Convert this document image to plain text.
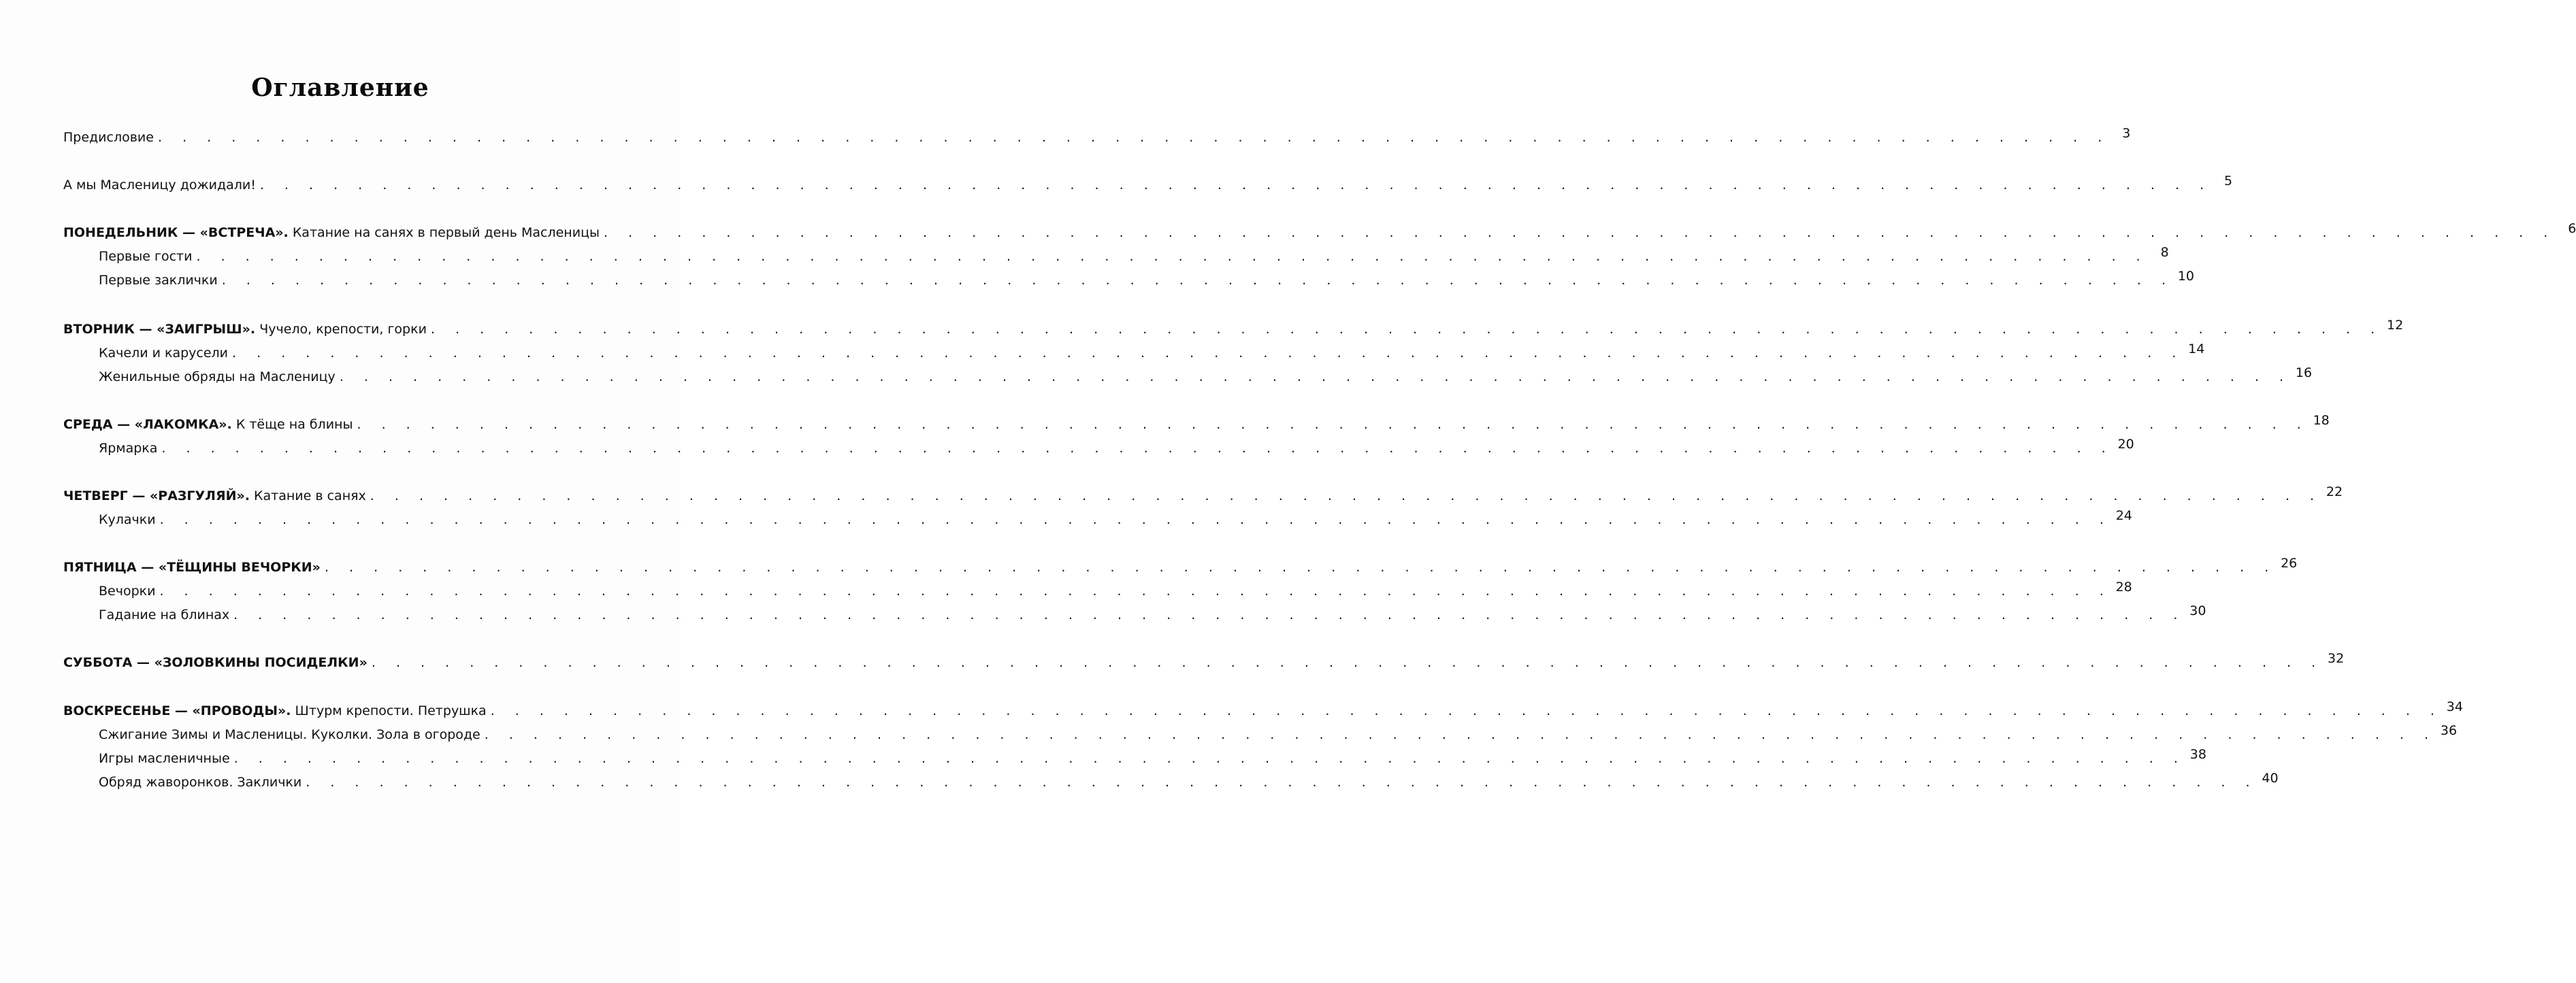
Оглавление
Предисловие . . . . . . . . . . . . . . . . . . . . . . . . . . . . . . . . . . . . . . . . . . . . . . . . . . . . . . . . . . . . . . . . . . . . . . . . . . . . . . . . 3
А мы Масленицу дожидали! . . . . . . . . . . . . . . . . . . . . . . . . . . . . . . . . . . . . . . . . . . . . . . . . . . . . . . . . . . . . . . . . . . . . . . . . . . . . . . . . 5
ПОНЕДЕЛЬНИК — «ВСТРЕЧА». Катание на санях в первый день Масленицы . . . . . . . . . . . . . . . . . . . . . . . . . . . . . . . . . . . . . . . . . . . . . . . . . . . . . . . . . . . . . . . . . . . . . . . . . . . . . . . . 6
Первые гости . . . . . . . . . . . . . . . . . . . . . . . . . . . . . . . . . . . . . . . . . . . . . . . . . . . . . . . . . . . . . . . . . . . . . . . . . . . . . . . . 8
Первые заклички . . . . . . . . . . . . . . . . . . . . . . . . . . . . . . . . . . . . . . . . . . . . . . . . . . . . . . . . . . . . . . . . . . . . . . . . . . . . . . . . 10
ВТОРНИК — «ЗАИГРЫШ». Чучело, крепости, горки . . . . . . . . . . . . . . . . . . . . . . . . . . . . . . . . . . . . . . . . . . . . . . . . . . . . . . . . . . . . . . . . . . . . . . . . . . . . . . . . 12
Качели и карусели . . . . . . . . . . . . . . . . . . . . . . . . . . . . . . . . . . . . . . . . . . . . . . . . . . . . . . . . . . . . . . . . . . . . . . . . . . . . . . . . 14
Женильные обряды на Масленицу . . . . . . . . . . . . . . . . . . . . . . . . . . . . . . . . . . . . . . . . . . . . . . . . . . . . . . . . . . . . . . . . . . . . . . . . . . . . . . . . 16
СРЕДА — «ЛАКОМКА». К тёще на блины . . . . . . . . . . . . . . . . . . . . . . . . . . . . . . . . . . . . . . . . . . . . . . . . . . . . . . . . . . . . . . . . . . . . . . . . . . . . . . . . 18
Ярмарка . . . . . . . . . . . . . . . . . . . . . . . . . . . . . . . . . . . . . . . . . . . . . . . . . . . . . . . . . . . . . . . . . . . . . . . . . . . . . . . . 20
ЧЕТВЕРГ — «РАЗГУЛЯЙ». Катание в санях . . . . . . . . . . . . . . . . . . . . . . . . . . . . . . . . . . . . . . . . . . . . . . . . . . . . . . . . . . . . . . . . . . . . . . . . . . . . . . . . 22
Кулачки . . . . . . . . . . . . . . . . . . . . . . . . . . . . . . . . . . . . . . . . . . . . . . . . . . . . . . . . . . . . . . . . . . . . . . . . . . . . . . . . 24
ПЯТНИЦА — «ТЁЩИНЫ ВЕЧОРКИ» . . . . . . . . . . . . . . . . . . . . . . . . . . . . . . . . . . . . . . . . . . . . . . . . . . . . . . . . . . . . . . . . . . . . . . . . . . . . . . . . 26
Вечорки . . . . . . . . . . . . . . . . . . . . . . . . . . . . . . . . . . . . . . . . . . . . . . . . . . . . . . . . . . . . . . . . . . . . . . . . . . . . . . . . 28
Гадание на блинах . . . . . . . . . . . . . . . . . . . . . . . . . . . . . . . . . . . . . . . . . . . . . . . . . . . . . . . . . . . . . . . . . . . . . . . . . . . . . . . . 30
СУББОТА — «ЗОЛОВКИНЫ ПОСИДЕЛКИ» . . . . . . . . . . . . . . . . . . . . . . . . . . . . . . . . . . . . . . . . . . . . . . . . . . . . . . . . . . . . . . . . . . . . . . . . . . . . . . . . 32
ВОСКРЕСЕНЬЕ — «ПРОВОДЫ». Штурм крепости. Петрушка . . . . . . . . . . . . . . . . . . . . . . . . . . . . . . . . . . . . . . . . . . . . . . . . . . . . . . . . . . . . . . . . . . . . . . . . . . . . . . . . 34
Сжигание Зимы и Масленицы. Куколки. Зола в огороде . . . . . . . . . . . . . . . . . . . . . . . . . . . . . . . . . . . . . . . . . . . . . . . . . . . . . . . . . . . . . . . . . . . . . . . . . . . . . . . . 36
Игры масленичные . . . . . . . . . . . . . . . . . . . . . . . . . . . . . . . . . . . . . . . . . . . . . . . . . . . . . . . . . . . . . . . . . . . . . . . . . . . . . . . . 38
Обряд жаворонков. Заклички . . . . . . . . . . . . . . . . . . . . . . . . . . . . . . . . . . . . . . . . . . . . . . . . . . . . . . . . . . . . . . . . . . . . . . . . . . . . . . . . 40
